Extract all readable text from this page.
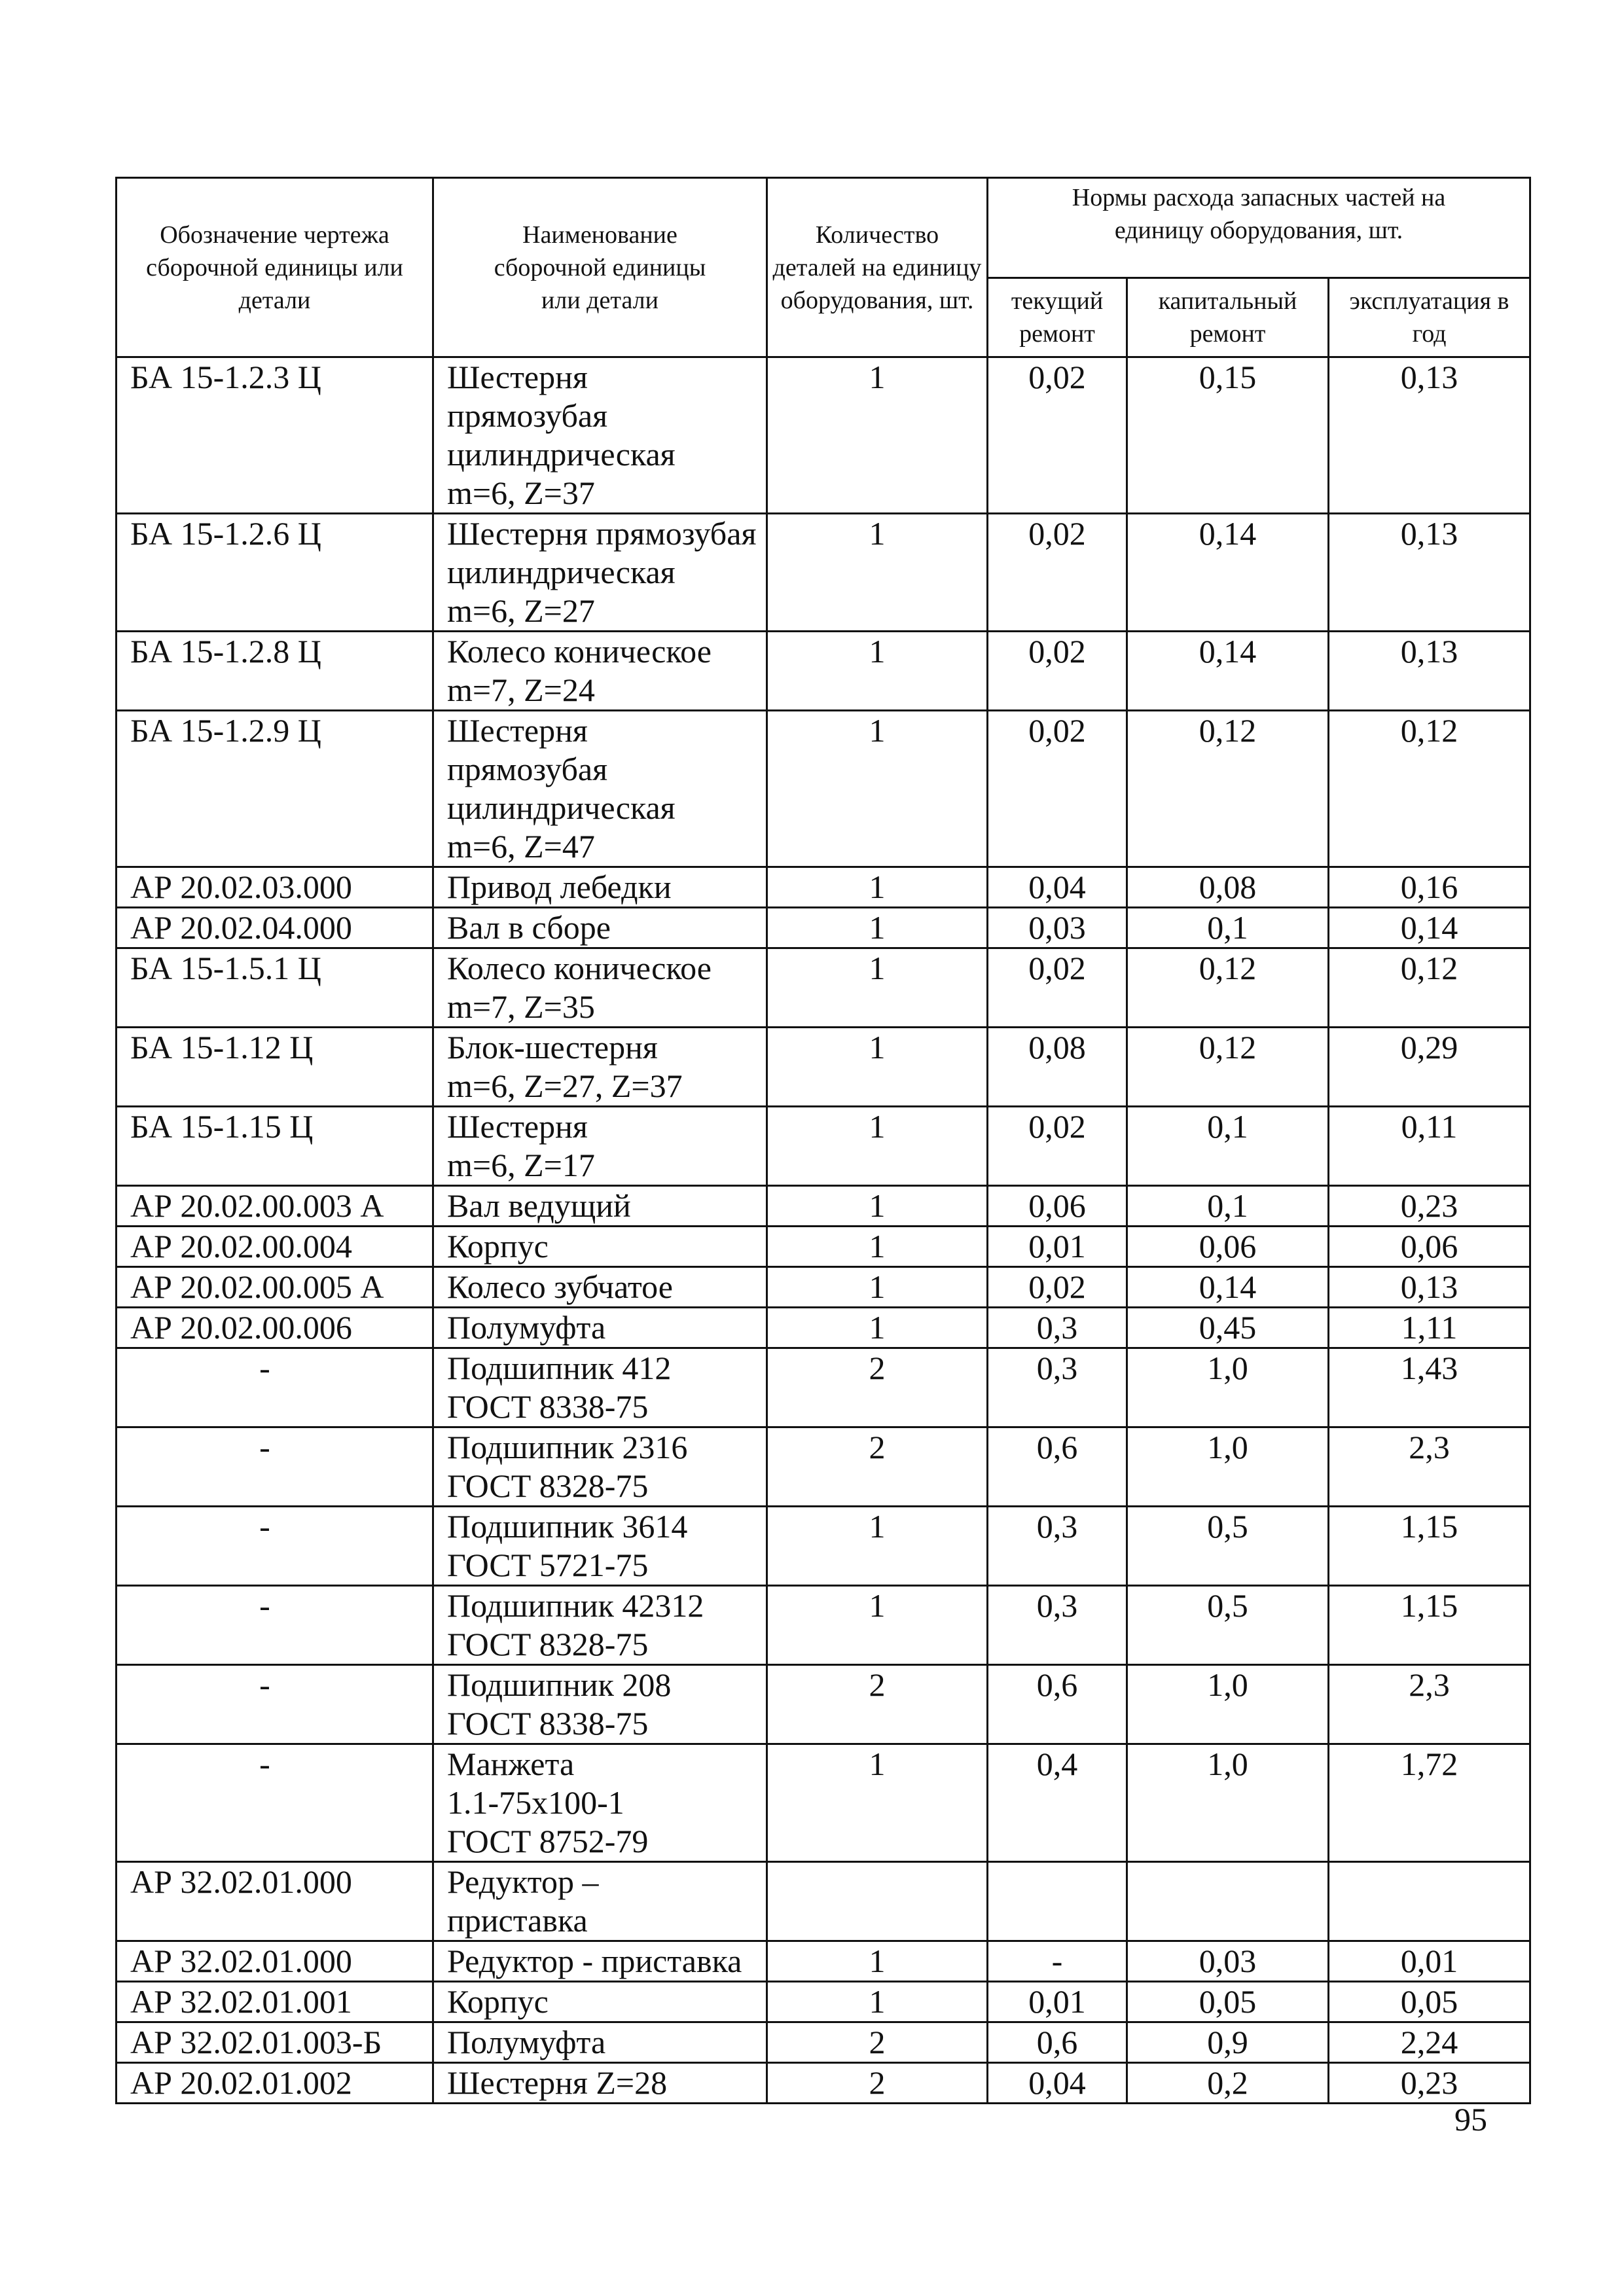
Обозначение чертежа сборочной единицы или детали	Наименование сборочной единицы или детали	Количество деталей на единицу оборудования, шт.	Нормы расхода запасных частей на единицу оборудования, шт.		
			текущий ремонт	капитальный ремонт	эксплуатация в год
БА 15-1.2.3 Ц	Шестерня
прямозубая
цилиндрическая
m=6, Z=37	1	0,02	0,15	0,13
БА 15-1.2.6 Ц	Шестерня прямозубая
цилиндрическая
m=6, Z=27	1	0,02	0,14	0,13
БА 15-1.2.8 Ц	Колесо коническое
m=7, Z=24	1	0,02	0,14	0,13
БА 15-1.2.9 Ц	Шестерня
прямозубая
цилиндрическая
m=6, Z=47	1	0,02	0,12	0,12
АР 20.02.03.000	Привод лебедки	1	0,04	0,08	0,16
АР 20.02.04.000	Вал в сборе	1	0,03	0,1	0,14
БА 15-1.5.1 Ц	Колесо коническое
m=7, Z=35	1	0,02	0,12	0,12
БА 15-1.12 Ц	Блок-шестерня
m=6, Z=27, Z=37	1	0,08	0,12	0,29
БА 15-1.15 Ц	Шестерня
m=6, Z=17	1	0,02	0,1	0,11
АР 20.02.00.003 А	Вал ведущий	1	0,06	0,1	0,23
АР 20.02.00.004	Корпус	1	0,01	0,06	0,06
АР 20.02.00.005 А	Колесо зубчатое	1	0,02	0,14	0,13
АР 20.02.00.006	Полумуфта	1	0,3	0,45	1,11
-	Подшипник 412
ГОСТ 8338-75	2	0,3	1,0	1,43
-	Подшипник 2316
ГОСТ 8328-75	2	0,6	1,0	2,3
-	Подшипник 3614
ГОСТ 5721-75	1	0,3	0,5	1,15
-	Подшипник 42312
ГОСТ 8328-75	1	0,3	0,5	1,15
-	Подшипник 208
ГОСТ 8338-75	2	0,6	1,0	2,3
-	Манжета
1.1-75x100-1
ГОСТ 8752-79	1	0,4	1,0	1,72
АР 32.02.01.000	Редуктор –
приставка				
АР 32.02.01.000	Редуктор - приставка	1	-	0,03	0,01
АР 32.02.01.001	Корпус	1	0,01	0,05	0,05
АР 32.02.01.003-Б	Полумуфта	2	0,6	0,9	2,24
АР 20.02.01.002	Шестерня Z=28	2	0,04	0,2	0,23
95
